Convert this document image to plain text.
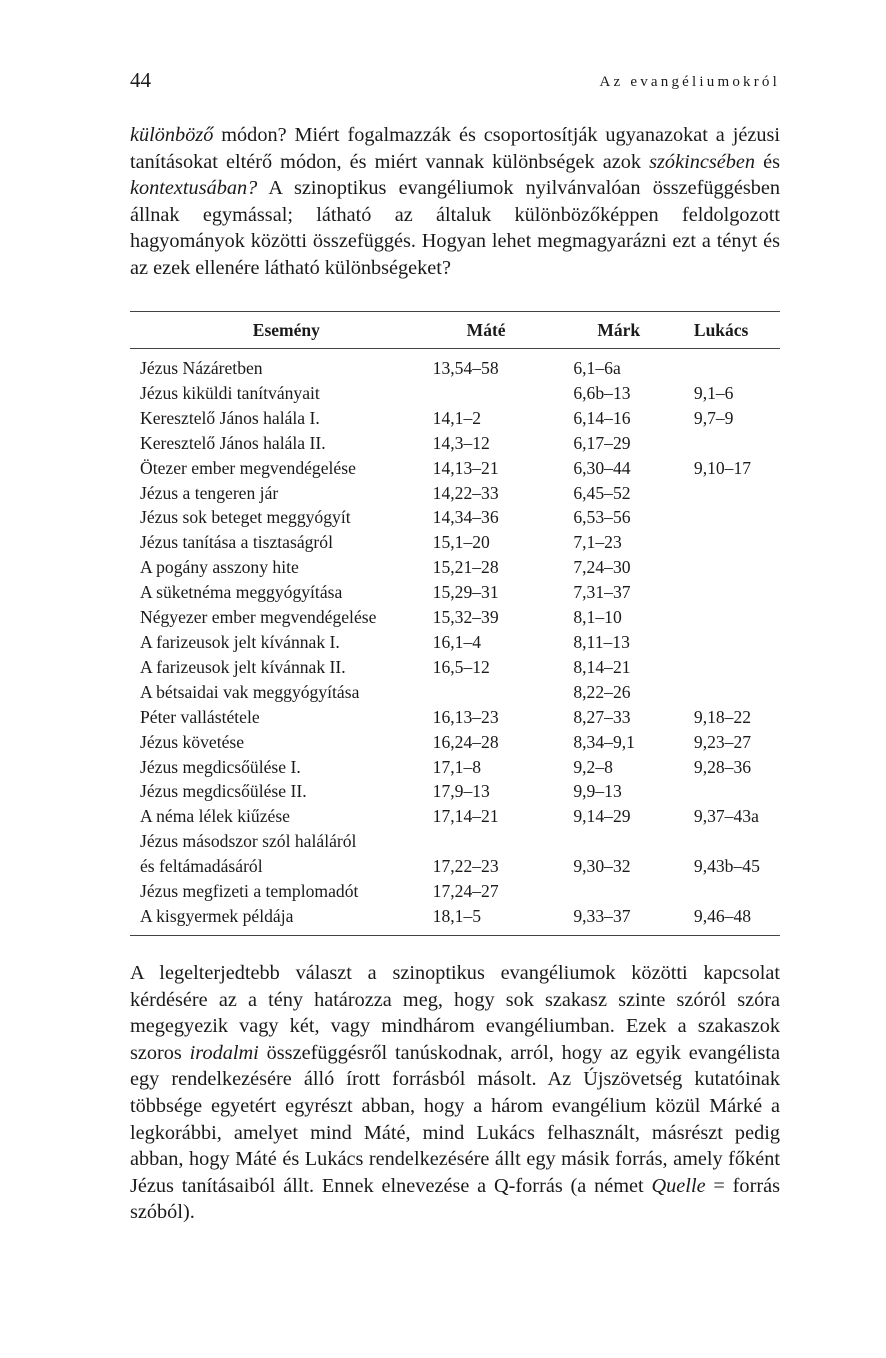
44	Az evangéliumokról

különböző módon? Miért fogalmazzák és csoportosítják ugyanazokat a jézusi tanításokat eltérő módon, és miért vannak különbségek azok szókincsében és kontextusában? A szinoptikus evangéliumok nyilvánvalóan összefüggésben állnak egymással; látható az általuk különbözőképpen feldolgozott hagyományok közötti összefüggés. Hogyan lehet megmagyarázni ezt a tényt és az ezek ellenére látható különbségeket?

Esemény	Máté	Márk	Lukács
Jézus Názáretben	13,54–58	6,1–6a	
Jézus kiküldi tanítványait		6,6b–13	9,1–6
Keresztelő János halála I.	14,1–2	6,14–16	9,7–9
Keresztelő János halála II.	14,3–12	6,17–29	
Ötezer ember megvendégelése	14,13–21	6,30–44	9,10–17
Jézus a tengeren jár	14,22–33	6,45–52	
Jézus sok beteget meggyógyít	14,34–36	6,53–56	
Jézus tanítása a tisztaságról	15,1–20	7,1–23	
A pogány asszony hite	15,21–28	7,24–30	
A süketnéma meggyógyítása	15,29–31	7,31–37	
Négyezer ember megvendégelése	15,32–39	8,1–10	
A farizeusok jelt kívánnak I.	16,1–4	8,11–13	
A farizeusok jelt kívánnak II.	16,5–12	8,14–21	
A bétsaidai vak meggyógyítása		8,22–26	
Péter vallástétele	16,13–23	8,27–33	9,18–22
Jézus követése	16,24–28	8,34–9,1	9,23–27
Jézus megdicsőülése I.	17,1–8	9,2–8	9,28–36
Jézus megdicsőülése II.	17,9–13	9,9–13	
A néma lélek kiűzése	17,14–21	9,14–29	9,37–43a
Jézus másodszor szól haláláról			
és feltámadásáról	17,22–23	9,30–32	9,43b–45
Jézus megfizeti a templomadót	17,24–27		
A kisgyermek példája	18,1–5	9,33–37	9,46–48

A legelterjedtebb választ a szinoptikus evangéliumok közötti kapcsolat kérdésére az a tény határozza meg, hogy sok szakasz szinte szóról szóra megegyezik vagy két, vagy mindhárom evangéliumban. Ezek a szakaszok szoros irodalmi összefüggésről tanúskodnak, arról, hogy az egyik evangélista egy rendelkezésére álló írott forrásból másolt. Az Újszövetség kutatóinak többsége egyetért egyrészt abban, hogy a három evangélium közül Márké a legkorábbi, amelyet mind Máté, mind Lukács felhasznált, másrészt pedig abban, hogy Máté és Lukács rendelkezésére állt egy másik forrás, amely főként Jézus tanításaiból állt. Ennek elnevezése a Q-forrás (a német Quelle = forrás szóból).
